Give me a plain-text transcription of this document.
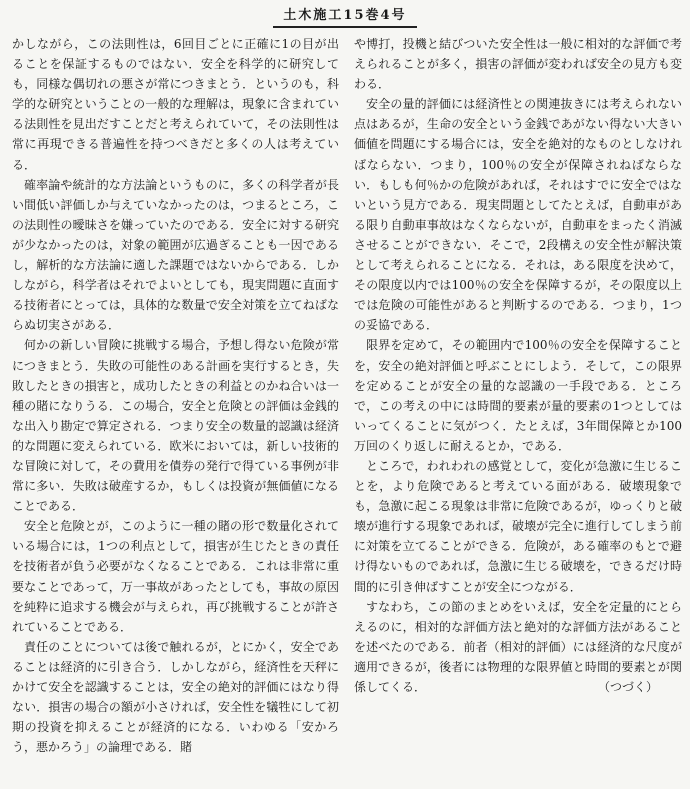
土木施工15巻4号

かしながら，この法則性は，6回目ごとに正確に1の目が出ることを保証するものではない．安全を科学的に研究しても，同様な偶切れの悪さが常につきまとう．というのも，科学的な研究ということの一般的な理解は，現象に含まれている法則性を見出だすことだと考えられていて，その法則性は常に再現できる普遍性を持つべきだと多くの人は考えている．

確率論や統計的な方法論というものに，多くの科学者が長い間低い評価しか与えていなかったのは，つまるところ，この法則性の曖昧さを嫌っていたのである．安全に対する研究が少なかったのは，対象の範囲が広過ぎることも一因であるし，解析的な方法論に適した課題ではないからである．しかしながら，科学者はそれでよいとしても，現実問題に直面する技術者にとっては，具体的な数量で安全対策を立てねばならぬ切実さがある．

何かの新しい冒険に挑戦する場合，予想し得ない危険が常につきまとう．失敗の可能性のある計画を実行するとき，失敗したときの損害と，成功したときの利益とのかね合いは一種の賭になりうる．この場合，安全と危険との評価は金銭的な出入り勘定で算定される．つまり安全の数量的認識は経済的な問題に変えられている．欧米においては，新しい技術的な冒険に対して，その費用を債券の発行で得ている事例が非常に多い．失敗は破産するか，もしくは投資が無価値になることである．

安全と危険とが，このように一種の賭の形で数量化されている場合には，1つの利点として，損害が生じたときの責任を技術者が負う必要がなくなることである．これは非常に重要なことであって，万一事故があったとしても，事故の原因を純粋に追求する機会が与えられ，再び挑戦することが許されていることである．

責任のことについては後で触れるが，とにかく，安全であることは経済的に引き合う．しかしながら，経済性を天秤にかけて安全を認識することは，安全の絶対的評価にはなり得ない．損害の場合の額が小さければ，安全性を犠牲にして初期の投資を抑えることが経済的になる．いわゆる「安かろう，悪かろう」の論理である．賭

や博打，投機と結びついた安全性は一般に相対的な評価で考えられることが多く，損害の評価が変われば安全の見方も変わる．

安全の量的評価には経済性との関連抜きには考えられない点はあるが，生命の安全という金銭であがない得ない大きい価値を問題にする場合には，安全を絶対的なものとしなければならない．つまり，100％の安全が保障されねばならない．もしも何％かの危険があれば，それはすでに安全ではないという見方である．現実問題としてたとえば，自動車がある限り自動車事故はなくならないが，自動車をまったく消滅させることができない．そこで，2段構えの安全性が解決策として考えられることになる．それは，ある限度を決めて，その限度以内では100％の安全を保障するが，その限度以上では危険の可能性があると判断するのである．つまり，1つの妥協である．

限界を定めて，その範囲内で100％の安全を保障することを，安全の絶対評価と呼ぶことにしよう．そして，この限界を定めることが安全の量的な認識の一手段である．ところで，この考えの中には時間的要素が量的要素の1つとしてはいってくることに気がつく．たとえば，3年間保障とか100万回のくり返しに耐えるとか，である．

ところで，われわれの感覚として，変化が急激に生じることを，より危険であると考えている面がある．破壊現象でも，急激に起こる現象は非常に危険であるが，ゆっくりと破壊が進行する現象であれば，破壊が完全に進行してしまう前に対策を立てることができる．危険が，ある確率のもとで避け得ないものであれば，急激に生じる破壊を，できるだけ時間的に引き伸ばすことが安全につながる．

すなわち，この節のまとめをいえば，安全を定量的にとらえるのに，相対的な評価方法と絶対的な評価方法があることを述べたのである．前者（相対的評価）には経済的な尺度が適用できるが，後者には物理的な限界値と時間的要素とが関係してくる．	（つづく）
